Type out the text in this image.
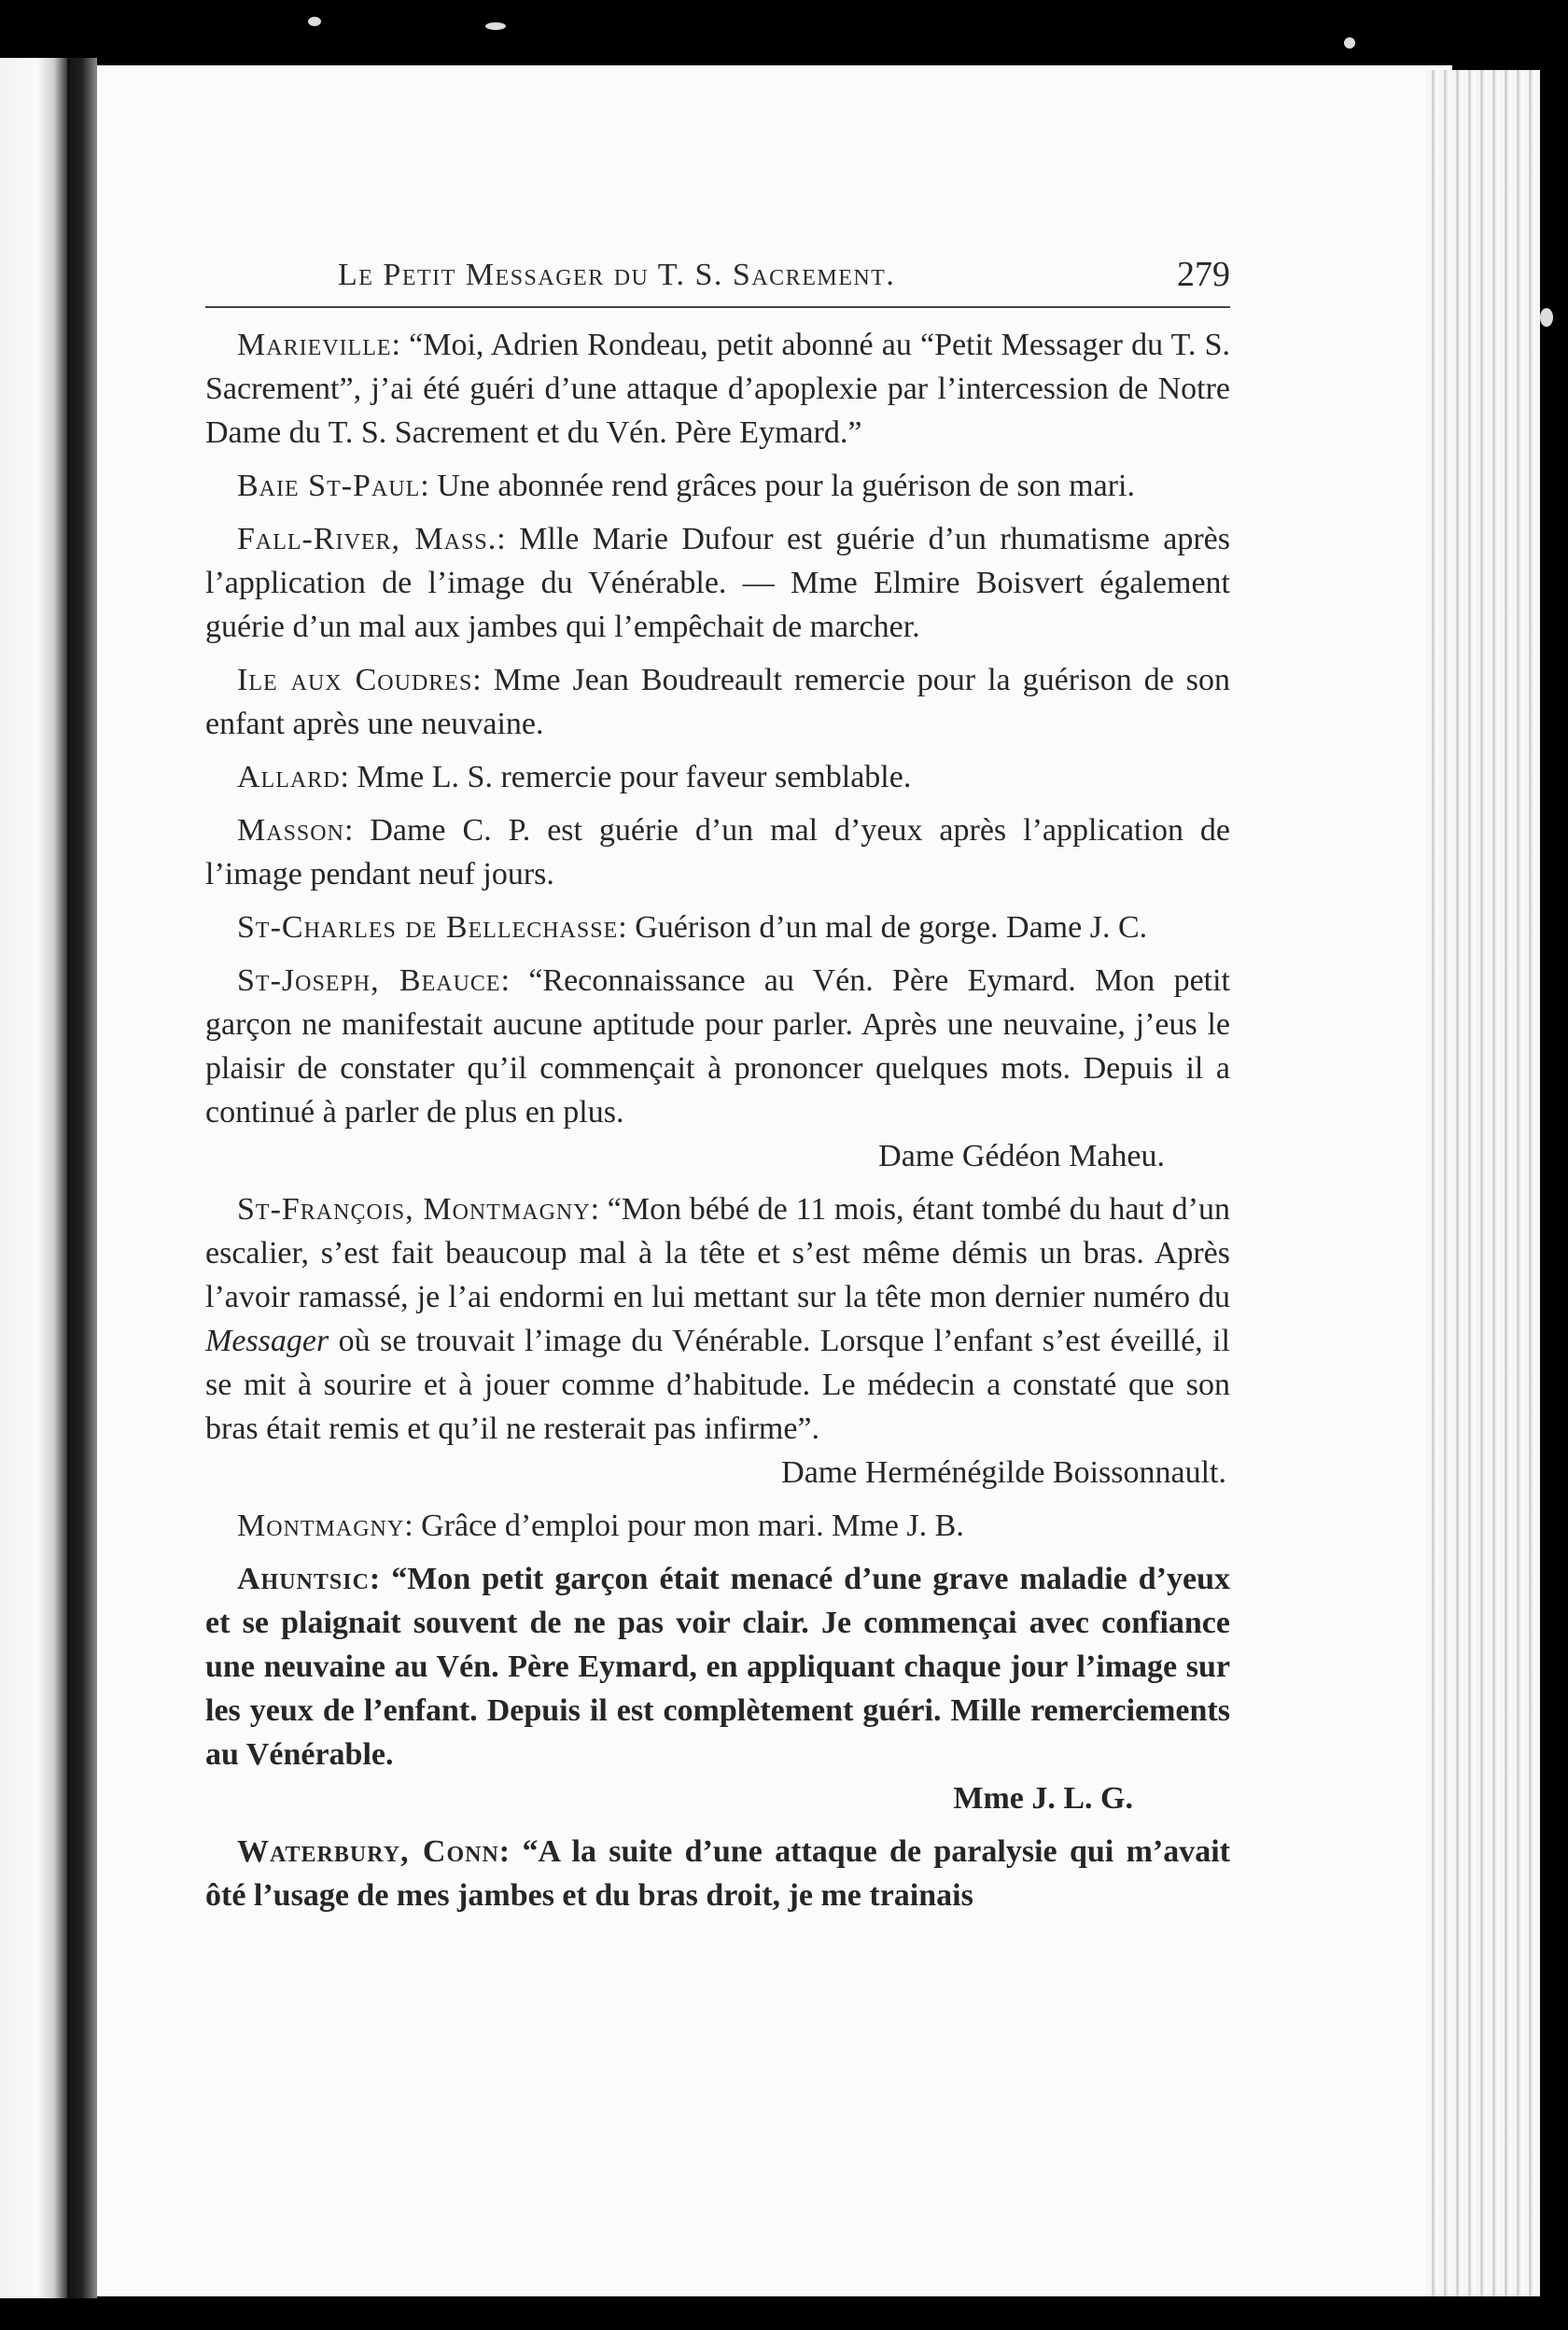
Le Petit Messager du T. S. Sacrement.	279

Marieville: “Moi, Adrien Rondeau, petit abonné au “Petit Messager du T. S. Sacrement”, j’ai été guéri d’une attaque d’apoplexie par l’intercession de Notre Dame du T. S. Sacrement et du Vén. Père Eymard.”

Baie St-Paul: Une abonnée rend grâces pour la guérison de son mari.

Fall-River, Mass.: Mlle Marie Dufour est guérie d’un rhumatisme après l’application de l’image du Vénérable. — Mme Elmire Boisvert également guérie d’un mal aux jambes qui l’empêchait de marcher.

Ile aux Coudres: Mme Jean Boudreault remercie pour la guérison de son enfant après une neuvaine.

Allard: Mme L. S. remercie pour faveur semblable.

Masson: Dame C. P. est guérie d’un mal d’yeux après l’application de l’image pendant neuf jours.

St-Charles de Bellechasse: Guérison d’un mal de gorge. Dame J. C.

St-Joseph, Beauce: “Reconnaissance au Vén. Père Eymard. Mon petit garçon ne manifestait aucune aptitude pour parler. Après une neuvaine, j’eus le plaisir de constater qu’il commençait à prononcer quelques mots. Depuis il a continué à parler de plus en plus.

Dame Gédéon Maheu.

St-François, Montmagny: “Mon bébé de 11 mois, étant tombé du haut d’un escalier, s’est fait beaucoup mal à la tête et s’est même démis un bras. Après l’avoir ramassé, je l’ai endormi en lui mettant sur la tête mon dernier numéro du Messager où se trouvait l’image du Vénérable. Lorsque l’enfant s’est éveillé, il se mit à sourire et à jouer comme d’habitude. Le médecin a constaté que son bras était remis et qu’il ne resterait pas infirme”.

Dame Herménégilde Boissonnault.

Montmagny: Grâce d’emploi pour mon mari. Mme J. B.

Ahuntsic: “Mon petit garçon était menacé d’une grave maladie d’yeux et se plaignait souvent de ne pas voir clair. Je commençai avec confiance une neuvaine au Vén. Père Eymard, en appliquant chaque jour l’image sur les yeux de l’enfant. Depuis il est complètement guéri. Mille remerciements au Vénérable.

Mme J. L. G.

Waterbury, Conn: “A la suite d’une attaque de paralysie qui m’avait ôté l’usage de mes jambes et du bras droit, je me trainais
